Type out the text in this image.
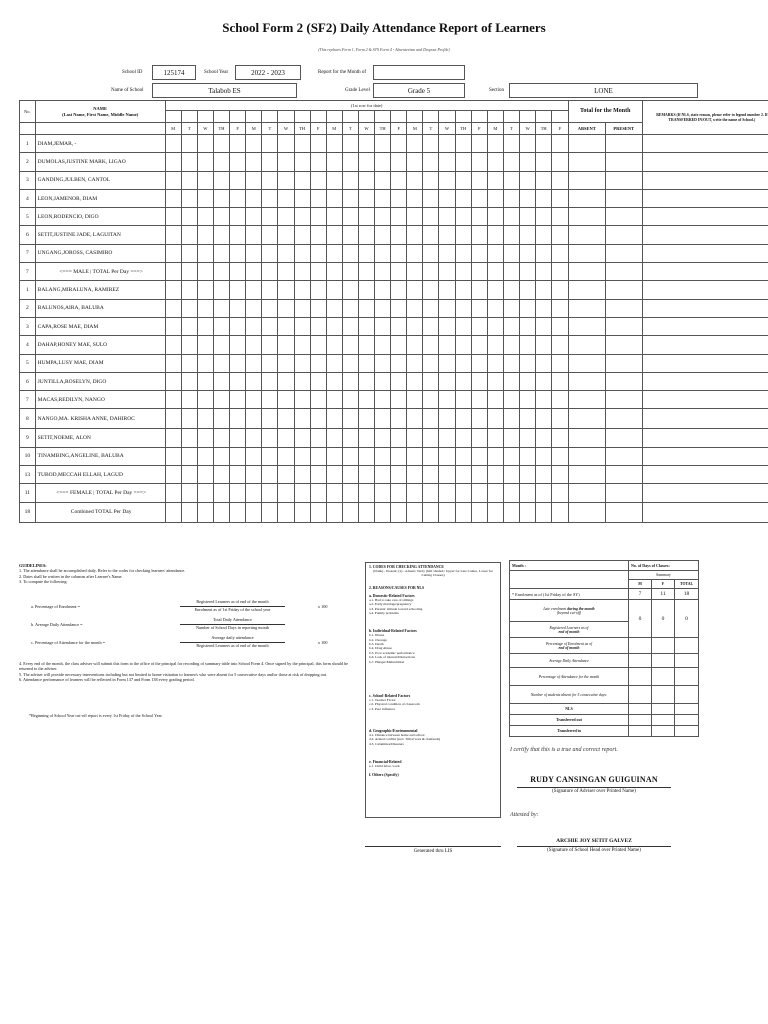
School Form 2 (SF2) Daily Attendance Report of Learners
(This replaces Form 1, Form 2 & STS Form 4 - Absenteeism and Dropout Profile)
School ID	125174	School Year	2022 - 2023	Report for the Month of
Name of School	Talabob ES	Grade Level	Grade 5	Section	LONE
No.	NAME
(Last Name, First Name, Middle Name)	(1st row for date)																									Total for the Month		REMARKS (If NLS, state reason, please refer to legend number 2. If TRANSFERRED IN/OUT, write the name of School.)

		M	T	W	TH	F	M	T	W	TH	F	M	T	W	TH	F	M	T	W	TH	F	M	T	W	TH	F	ABSENT	PRESENT	
1	DIAM,JEMAR, -																												
2	DUMOLAS,JUSTINE MARK, LIGAO																												
3	GANDING,JULBEN, CANTOL																												
4	LEON,JAMENOR, DIAM																												
5	LEON,RODENCIO, DIGO																												
6	SETIT,JUSTINE JADE, LAGUITAN																												
7	UNGANG,JOROSS, CASIMIRO																												
7	<=== MALE | TOTAL Per Day ===>																												
1	BALANG,MIRALUNA, RAMIREZ																												
2	BALUNOS,AIRA, BALUBA																												
3	CAPA,ROSE MAE, DIAM																												
4	DAHAP,HONEY MAE, SULO																												
5	HUMPA,LUSY MAE, DIAM																												
6	JUNTILLA,ROSELYN, DIGO																												
7	MACAS,REDILYN, NANGO																												
8	NANGO,MA. KRISHA ANNE, DAHIROC																												
9	SETIT,NOEME, ALON																												
10	TINAMBING,ANGELINE, BALUBA																												
13	TUBOD,MECCAH ELLAH, LAGUD																												
11	<=== FEMALE | TOTAL Per Day ===>																												
18	Combined TOTAL Per Day																												
GUIDELINES:
1. The attendance shall be accomplished daily. Refer to the codes for checking learners' attendance.
2. Dates shall be written in the columns after Learner's Name.
3. To compute the following:
a. Percentage of Enrolment =
Registered Learners as of end of the month
Enrolment as of 1st Friday of the school year
x 100
b. Average Daily Attendance =
Total Daily Attendance
Number of School Days in reporting month
c. Percentage of Attendance for the month =
Average daily attendance
Registered Learners as of end of the month
x 100
4. Every end of the month, the class adviser will submit this form to the office of the principal for recording of summary table into School Form 4. Once signed by the principal, this form should be returned to the adviser.
5. The adviser will provide necessary interventions including but not limited to home visitation to learner/s who were absent for 5 consecutive days and/or those at risk of dropping out.
6. Attendance performance of learners will be reflected in Form 137 and Form 138 every grading period.
*Beginning of School Year cut-off report is every 1st Friday of the School Year
1. CODES FOR CHECKING ATTENDANCE
(blank) - Present; (x) - Absent; Tardy (half shaded= Upper for Late Comer, Lower for Cutting Classes)
2. REASONS/CAUSES FOR NLS
a. Domestic-Related Factors
a.1. Had to take care of siblings
a.2. Early marriage/pregnancy
a.3. Parents' attitude toward schooling
a.4. Family problems
b. Individual-Related Factors
b.1. Illness
b.2. Overage
b.3. Death
b.4. Drug Abuse
b.5. Poor academic performance
b.6. Lack of interest/Distractions
b.7. Hunger/Malnutrition
c. School-Related Factors
c.1. Teacher Factor
c.2. Physical condition of classroom
c.3. Peer influence
d. Geographic/Environmental
d.1. Distance between home and school
d.2. Armed conflict (incl. Tribal wars & clanfeuds)
d.3. Calamities/Disasters
e. Financial-Related
e.1. Child labor, work
f. Others (Specify)
Generated thru LIS
Month :	No. of Days of Classes:		
	Summary		
	M	F	TOTAL
* Enrolment as of (1st Friday of the SY)	7	11	18
Late enrolment during the month
(beyond cut-off)	0	0	0
Registered Learners as of
end of month			
Percentage of Enrolment as of
end of month			
Average Daily Attendance			
Percentage of Attendance for the month			
Number of students absent for 5 consecutive days:			
NLS			
Transferred out			
Transferred in			
I certify that this is a true and correct report.
RUDY CANSINGAN GUIGUINAN
(Signature of Adviser over Printed Name)
Attested by:
ARCHIE JOY SETIT GALVEZ
(Signature of School Head over Printed Name)
